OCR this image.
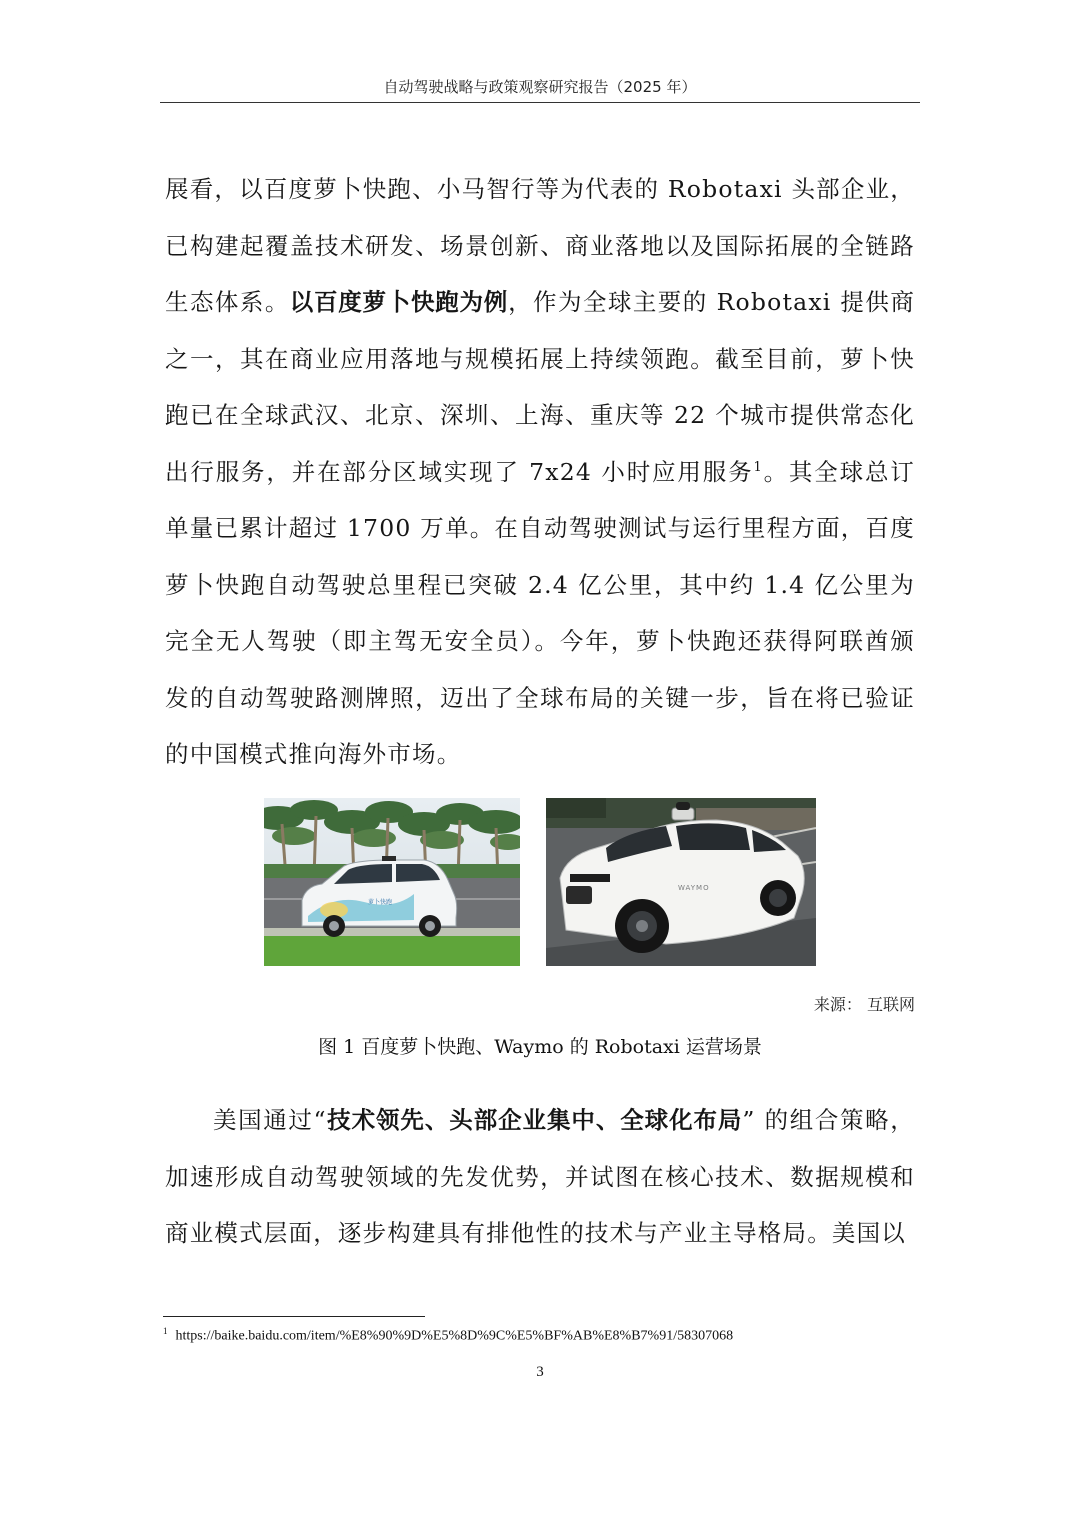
自动驾驶战略与政策观察研究报告（2025 年）

展看，以百度萝卜快跑、小马智行等为代表的 Robotaxi 头部企业，已构建起覆盖技术研发、场景创新、商业落地以及国际拓展的全链路生态体系。以百度萝卜快跑为例，作为全球主要的 Robotaxi 提供商之一，其在商业应用落地与规模拓展上持续领跑。截至目前，萝卜快跑已在全球武汉、北京、深圳、上海、重庆等 22 个城市提供常态化出行服务，并在部分区域实现了 7x24 小时应用服务$^1$。其全球总订单量已累计超过 1700 万单。在自动驾驶测试与运行里程方面，百度萝卜快跑自动驾驶总里程已突破 2.4 亿公里，其中约 1.4 亿公里为完全无人驾驶（即主驾无安全员）。今年，萝卜快跑还获得阿联酋颁发的自动驾驶路测牌照，迈出了全球布局的关键一步，旨在将已验证的中国模式推向海外市场。

萝卜快跑
WAYMO
来源： 互联网
图 1 百度萝卜快跑、Waymo 的 Robotaxi 运营场景

美国通过“技术领先、头部企业集中、全球化布局” 的组合策略，加速形成自动驾驶领域的先发优势，并试图在核心技术、数据规模和商业模式层面，逐步构建具有排他性的技术与产业主导格局。美国以

$^1$ https://baike.baidu.com/item/%E8%90%9D%E5%8D%9C%E5%BF%AB%E8%B7%91/58307068
3
